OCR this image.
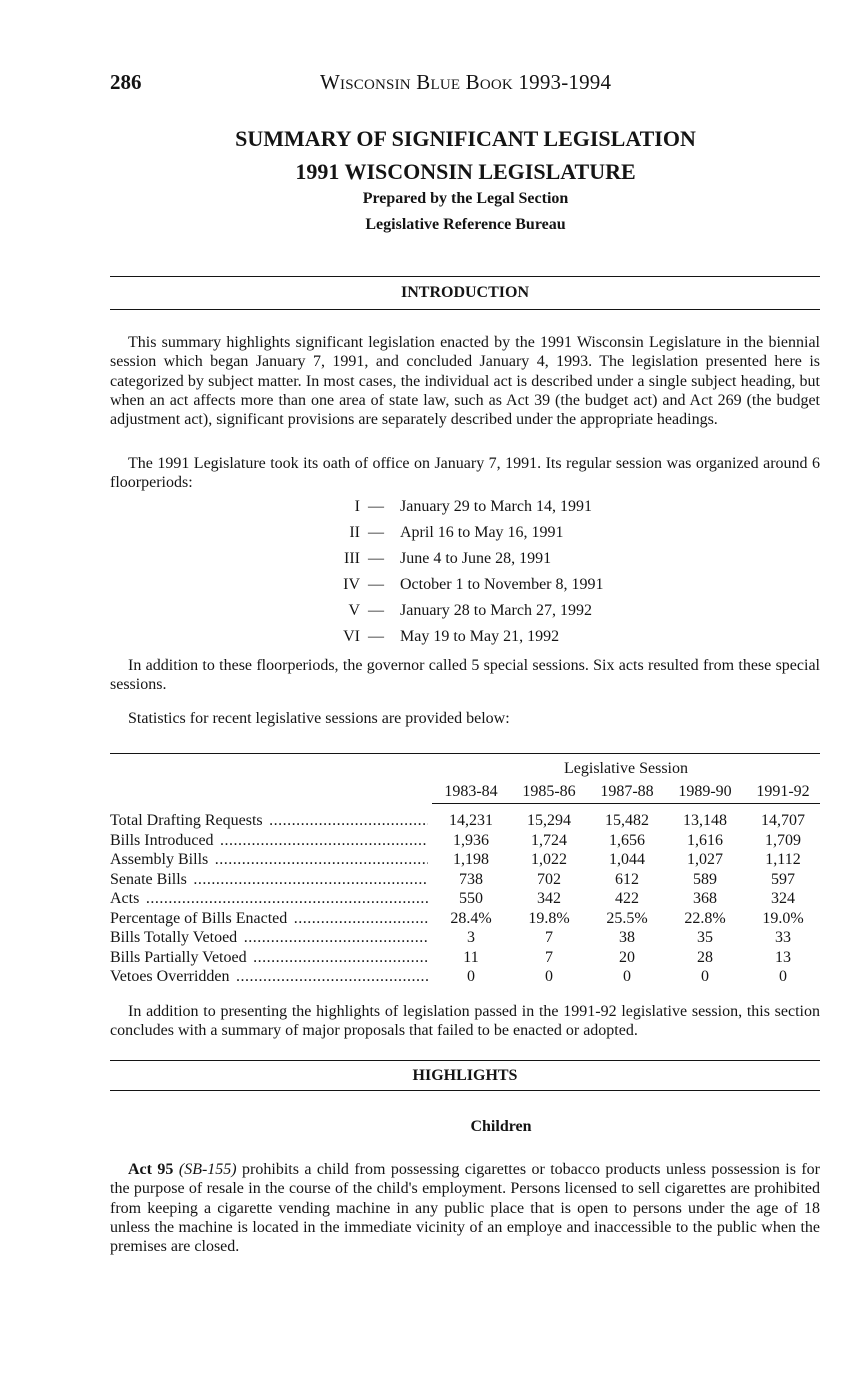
286	Wisconsin Blue Book 1993-1994
SUMMARY OF SIGNIFICANT LEGISLATION
1991 WISCONSIN LEGISLATURE
Prepared by the Legal Section
Legislative Reference Bureau
INTRODUCTION
This summary highlights significant legislation enacted by the 1991 Wisconsin Legislature in the biennial session which began January 7, 1991, and concluded January 4, 1993. The legislation presented here is categorized by subject matter. In most cases, the individual act is described under a single subject heading, but when an act affects more than one area of state law, such as Act 39 (the budget act) and Act 269 (the budget adjustment act), significant provisions are separately described under the appropriate headings.
The 1991 Legislature took its oath of office on January 7, 1991. Its regular session was organized around 6 floorperiods:
I — January 29 to March 14, 1991
II — April 16 to May 16, 1991
III — June 4 to June 28, 1991
IV — October 1 to November 8, 1991
V — January 28 to March 27, 1992
VI — May 19 to May 21, 1992
In addition to these floorperiods, the governor called 5 special sessions. Six acts resulted from these special sessions.
Statistics for recent legislative sessions are provided below:
Legislative Session
1983-84	1985-86	1987-88	1989-90	1991-92
Total Drafting Requests .....	14,231	15,294	15,482	13,148	14,707
Bills Introduced .....	1,936	1,724	1,656	1,616	1,709
Assembly Bills .....	1,198	1,022	1,044	1,027	1,112
Senate Bills .....	738	702	612	589	597
Acts .....	550	342	422	368	324
Percentage of Bills Enacted .....	28.4%	19.8%	25.5%	22.8%	19.0%
Bills Totally Vetoed .....	3	7	38	35	33
Bills Partially Vetoed .....	11	7	20	28	13
Vetoes Overridden .....	0	0	0	0	0
In addition to presenting the highlights of legislation passed in the 1991-92 legislative session, this section concludes with a summary of major proposals that failed to be enacted or adopted.
HIGHLIGHTS
Children
Act 95 (SB-155) prohibits a child from possessing cigarettes or tobacco products unless possession is for the purpose of resale in the course of the child's employment. Persons licensed to sell cigarettes are prohibited from keeping a cigarette vending machine in any public place that is open to persons under the age of 18 unless the machine is located in the immediate vicinity of an employe and inaccessible to the public when the premises are closed.
